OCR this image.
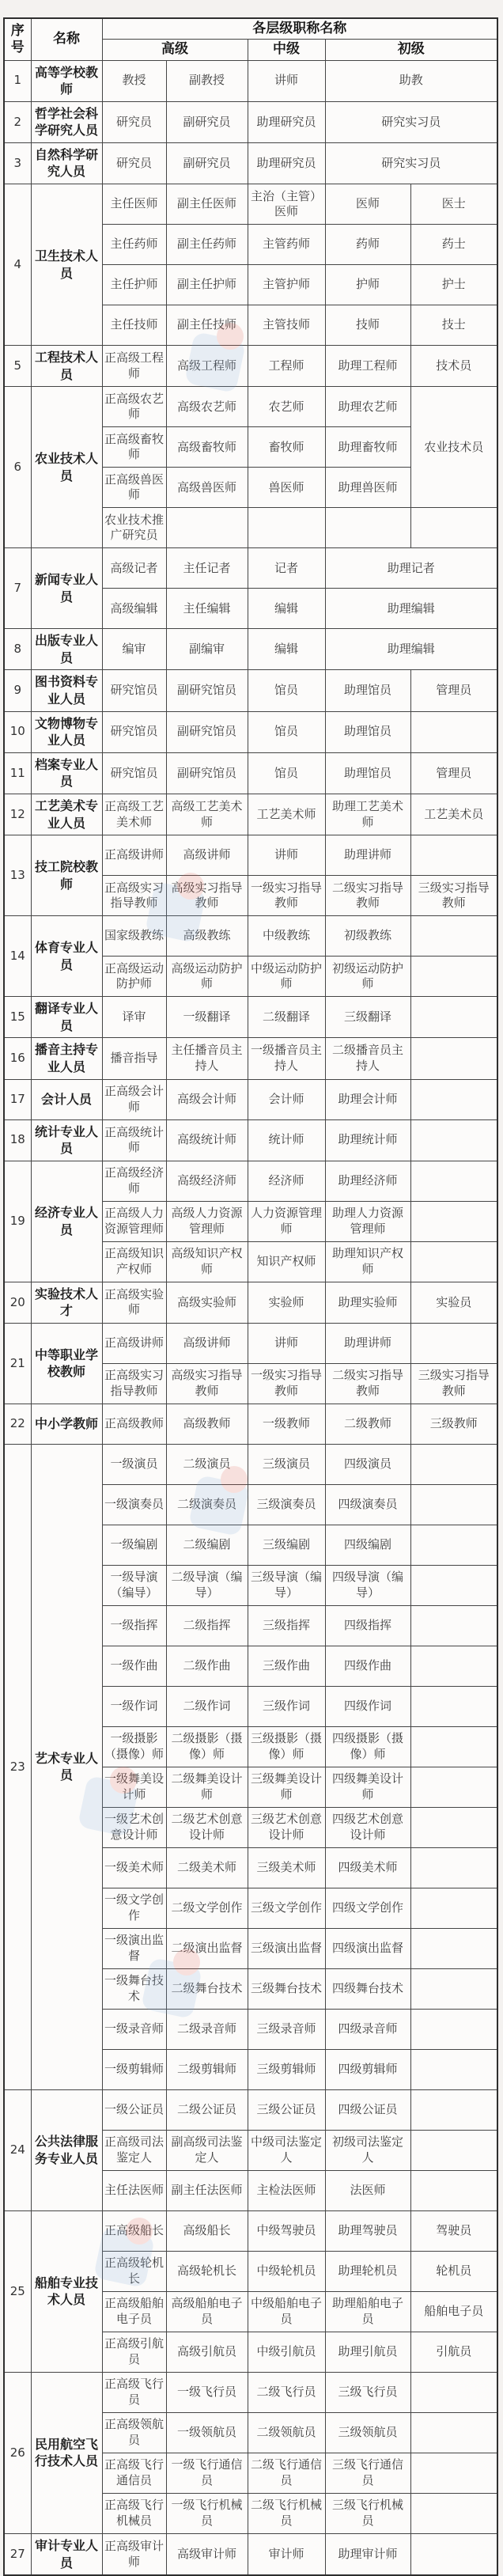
序号	名称	各层级职称名称				
		高级		中级	初级	
1	高等学校教师	教授	副教授	讲师	助教	
2	哲学社会科学研究人员	研究员	副研究员	助理研究员	研究实习员	
3	自然科学研究人员	研究员	副研究员	助理研究员	研究实习员	
4	卫生技术人员	主任医师	副主任医师	主治（主管）医师	医师	医士
		主任药师	副主任药师	主管药师	药师	药士
		主任护师	副主任护师	主管护师	护师	护士
		主任技师	副主任技师	主管技师	技师	技士
5	工程技术人员	正高级工程师	高级工程师	工程师	助理工程师	技术员
6	农业技术人员	正高级农艺师	高级农艺师	农艺师	助理农艺师	农业技术员
		正高级畜牧师	高级畜牧师	畜牧师	助理畜牧师	
		正高级兽医师	高级兽医师	兽医师	助理兽医师	
		农业技术推广研究员				
7	新闻专业人员	高级记者	主任记者	记者	助理记者	
		高级编辑	主任编辑	编辑	助理编辑	
8	出版专业人员	编审	副编审	编辑	助理编辑	
9	图书资料专业人员	研究馆员	副研究馆员	馆员	助理馆员	管理员
10	文物博物专业人员	研究馆员	副研究馆员	馆员	助理馆员	
11	档案专业人员	研究馆员	副研究馆员	馆员	助理馆员	管理员
12	工艺美术专业人员	正高级工艺美术师	高级工艺美术师	工艺美术师	助理工艺美术师	工艺美术员
13	技工院校教师	正高级讲师	高级讲师	讲师	助理讲师	
		正高级实习指导教师	高级实习指导教师	一级实习指导教师	二级实习指导教师	三级实习指导教师
14	体育专业人员	国家级教练	高级教练	中级教练	初级教练	
		正高级运动防护师	高级运动防护师	中级运动防护师	初级运动防护师	
15	翻译专业人员	译审	一级翻译	二级翻译	三级翻译	
16	播音主持专业人员	播音指导	主任播音员主持人	一级播音员主持人	二级播音员主持人	
17	会计人员	正高级会计师	高级会计师	会计师	助理会计师	
18	统计专业人员	正高级统计师	高级统计师	统计师	助理统计师	
19	经济专业人员	正高级经济师	高级经济师	经济师	助理经济师	
		正高级人力资源管理师	高级人力资源管理师	人力资源管理师	助理人力资源管理师	
		正高级知识产权师	高级知识产权师	知识产权师	助理知识产权师	
20	实验技术人才	正高级实验师	高级实验师	实验师	助理实验师	实验员
21	中等职业学校教师	正高级讲师	高级讲师	讲师	助理讲师	
		正高级实习指导教师	高级实习指导教师	一级实习指导教师	二级实习指导教师	三级实习指导教师
22	中小学教师	正高级教师	高级教师	一级教师	二级教师	三级教师
23	艺术专业人员	一级演员	二级演员	三级演员	四级演员	
		一级演奏员	二级演奏员	三级演奏员	四级演奏员	
		一级编剧	二级编剧	三级编剧	四级编剧	
		一级导演（编导）	二级导演（编导）	三级导演（编导）	四级导演（编导）	
		一级指挥	二级指挥	三级指挥	四级指挥	
		一级作曲	二级作曲	三级作曲	四级作曲	
		一级作词	二级作词	三级作词	四级作词	
		一级摄影（摄像）师	二级摄影（摄像）师	三级摄影（摄像）师	四级摄影（摄像）师	
		一级舞美设计师	二级舞美设计师	三级舞美设计师	四级舞美设计师	
		一级艺术创意设计师	二级艺术创意设计师	三级艺术创意设计师	四级艺术创意设计师	
		一级美术师	二级美术师	三级美术师	四级美术师	
		一级文学创作	二级文学创作	三级文学创作	四级文学创作	
		一级演出监督	二级演出监督	三级演出监督	四级演出监督	
		一级舞台技术	二级舞台技术	三级舞台技术	四级舞台技术	
		一级录音师	二级录音师	三级录音师	四级录音师	
		一级剪辑师	二级剪辑师	三级剪辑师	四级剪辑师	
24	公共法律服务专业人员	一级公证员	二级公证员	三级公证员	四级公证员	
		正高级司法鉴定人	副高级司法鉴定人	中级司法鉴定人	初级司法鉴定人	
		主任法医师	副主任法医师	主检法医师	法医师	
25	船舶专业技术人员	正高级船长	高级船长	中级驾驶员	助理驾驶员	驾驶员
		正高级轮机长	高级轮机长	中级轮机员	助理轮机员	轮机员
		正高级船舶电子员	高级船舶电子员	中级船舶电子员	助理船舶电子员	船舶电子员
		正高级引航员	高级引航员	中级引航员	助理引航员	引航员
26	民用航空飞行技术人员	正高级飞行员	一级飞行员	二级飞行员	三级飞行员	
		正高级领航员	一级领航员	二级领航员	三级领航员	
		正高级飞行通信员	一级飞行通信员	二级飞行通信员	三级飞行通信员	
		正高级飞行机械员	一级飞行机械员	二级飞行机械员	三级飞行机械员	
27	审计专业人员	正高级审计师	高级审计师	审计师	助理审计师	
